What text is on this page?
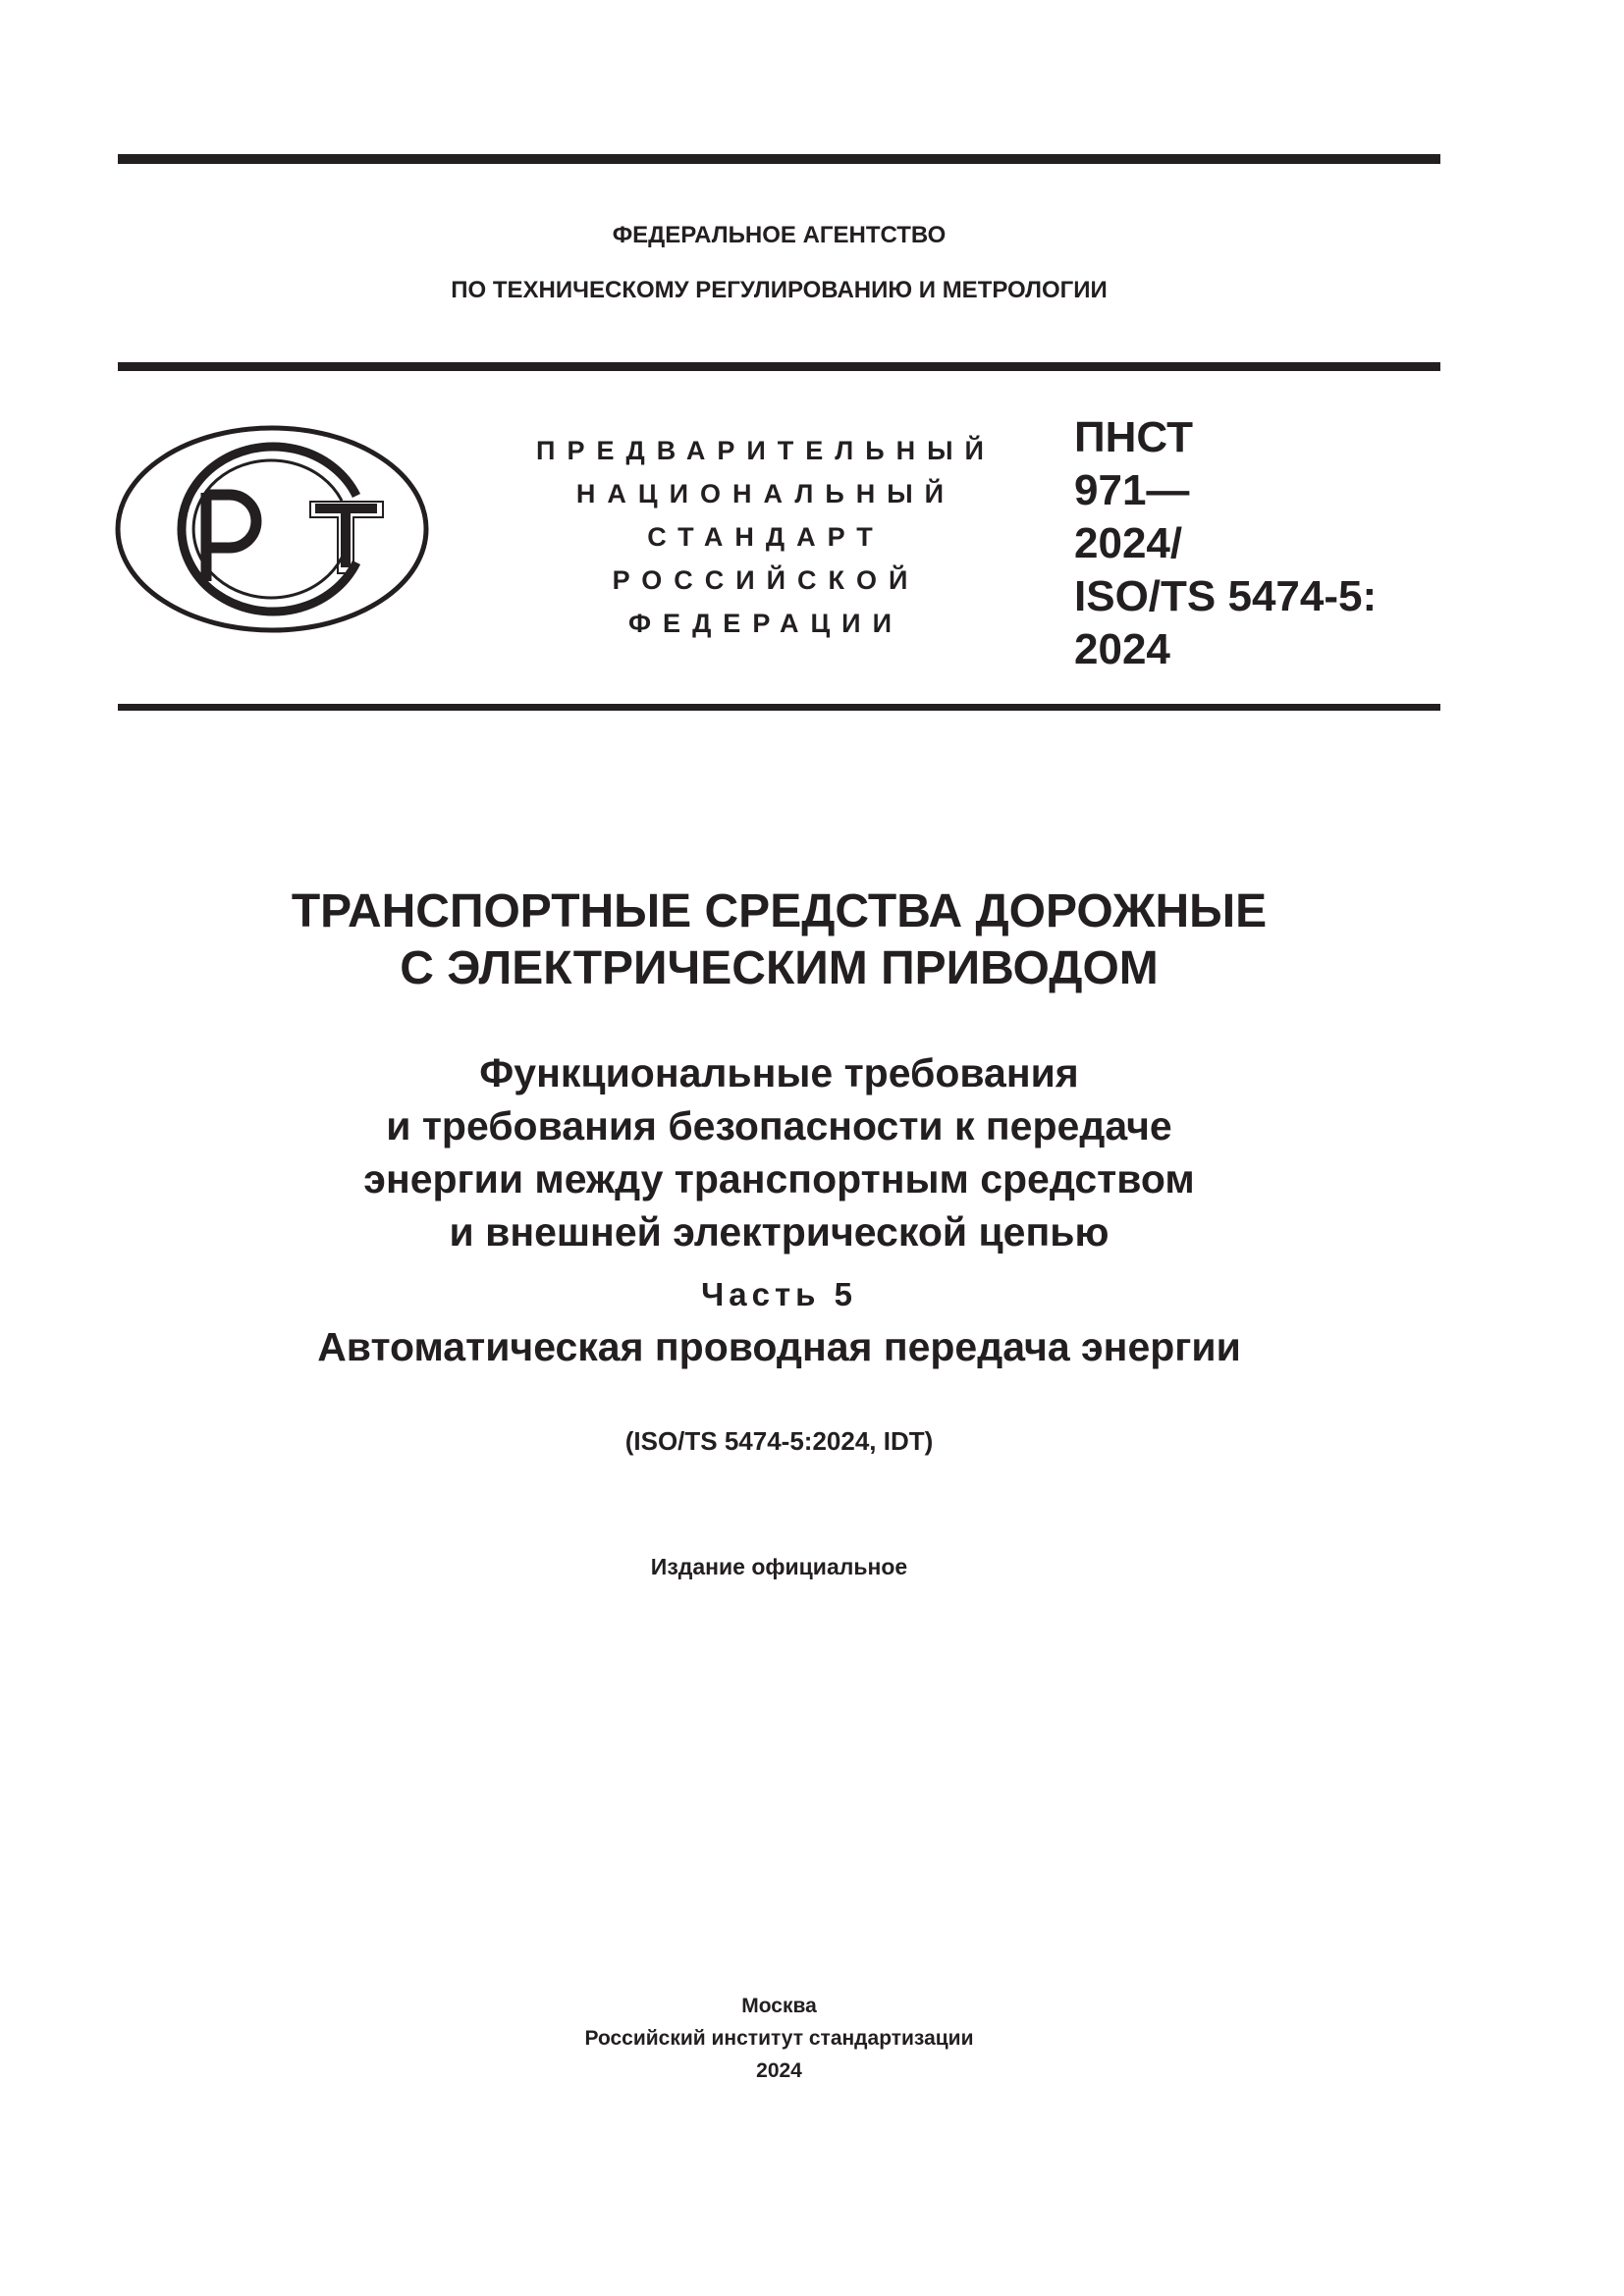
ФЕДЕРАЛЬНОЕ АГЕНТСТВО
ПО ТЕХНИЧЕСКОМУ РЕГУЛИРОВАНИЮ И МЕТРОЛОГИИ
ПРЕДВАРИТЕЛЬНЫЙ
НАЦИОНАЛЬНЫЙ
СТАНДАРТ
РОССИЙСКОЙ
ФЕДЕРАЦИИ
ПНСТ
971—
2024/
ISO/TS 5474-5:
2024
ТРАНСПОРТНЫЕ СРЕДСТВА ДОРОЖНЫЕ
С ЭЛЕКТРИЧЕСКИМ ПРИВОДОМ
Функциональные требования
и требования безопасности к передаче
энергии между транспортным средством
и внешней электрической цепью
Часть 5
Автоматическая проводная передача энергии
(ISO/TS 5474-5:2024, IDT)
Издание официальное
Москва
Российский институт стандартизации
2024
